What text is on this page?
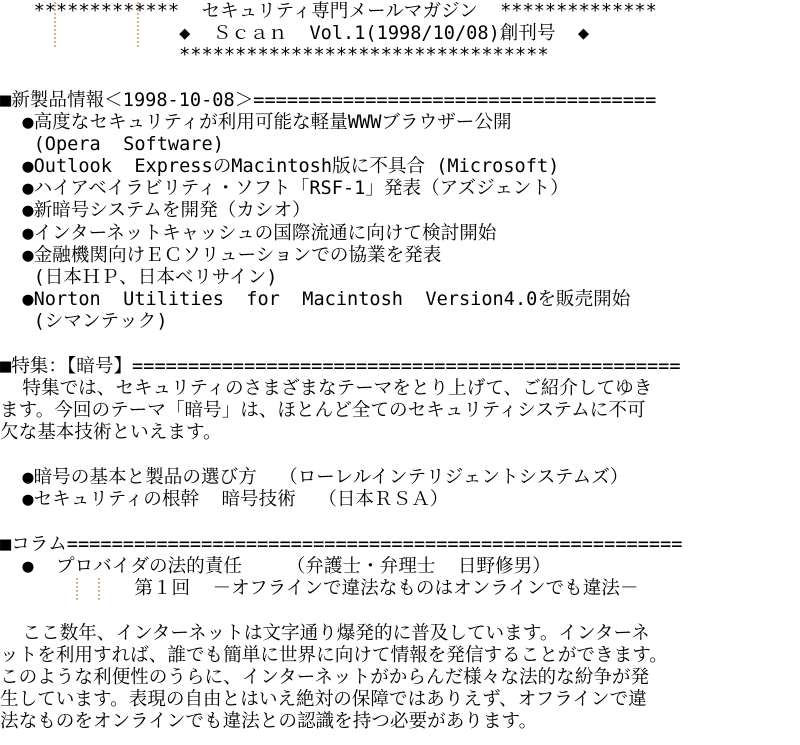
*************  セキュリティ専門メールマガジン  **************
◆  Ｓｃａｎ  Vol.1(1998/10/08)創刊号  ◆
*********************************
■新製品情報＜1998-10-08＞====================================
●高度なセキュリティが利用可能な軽量WWWブラウザー公開
(Opera  Software)
●Outlook  ExpressのMacintosh版に不具合 (Microsoft)
●ハイアベイラビリティ・ソフト「RSF-1」発表（アズジェント）
●新暗号システムを開発（カシオ）
●インターネットキャッシュの国際流通に向けて検討開始
●金融機関向けＥＣソリューションでの協業を発表
(日本ＨＰ、日本ベリサイン)
●Norton  Utilities  for  Macintosh  Version4.0を販売開始
(シマンテック)
■特集：【暗号】=================================================
特集では、セキュリティのさまざまなテーマをとり上げて、ご紹介してゆき
ます。今回のテーマ「暗号」は、ほとんど全てのセキュリティシステムに不可
欠な基本技術といえます。
●暗号の基本と製品の選び方  （ローレルインテリジェントシステムズ）
●セキュリティの根幹  暗号技術  （日本ＲＳＡ）
■コラム=======================================================
●  プロバイダの法的責任    （弁護士・弁理士  日野修男）
第１回  －オフラインで違法なものはオンラインでも違法－
ここ数年、インターネットは文字通り爆発的に普及しています。インターネ
ットを利用すれば、誰でも簡単に世界に向けて情報を発信することができます。
このような利便性のうらに、インターネットがからんだ様々な法的な紛争が発
生しています。表現の自由とはいえ絶対の保障ではありえず、オフラインで違
法なものをオンラインでも違法との認識を持つ必要があります。
